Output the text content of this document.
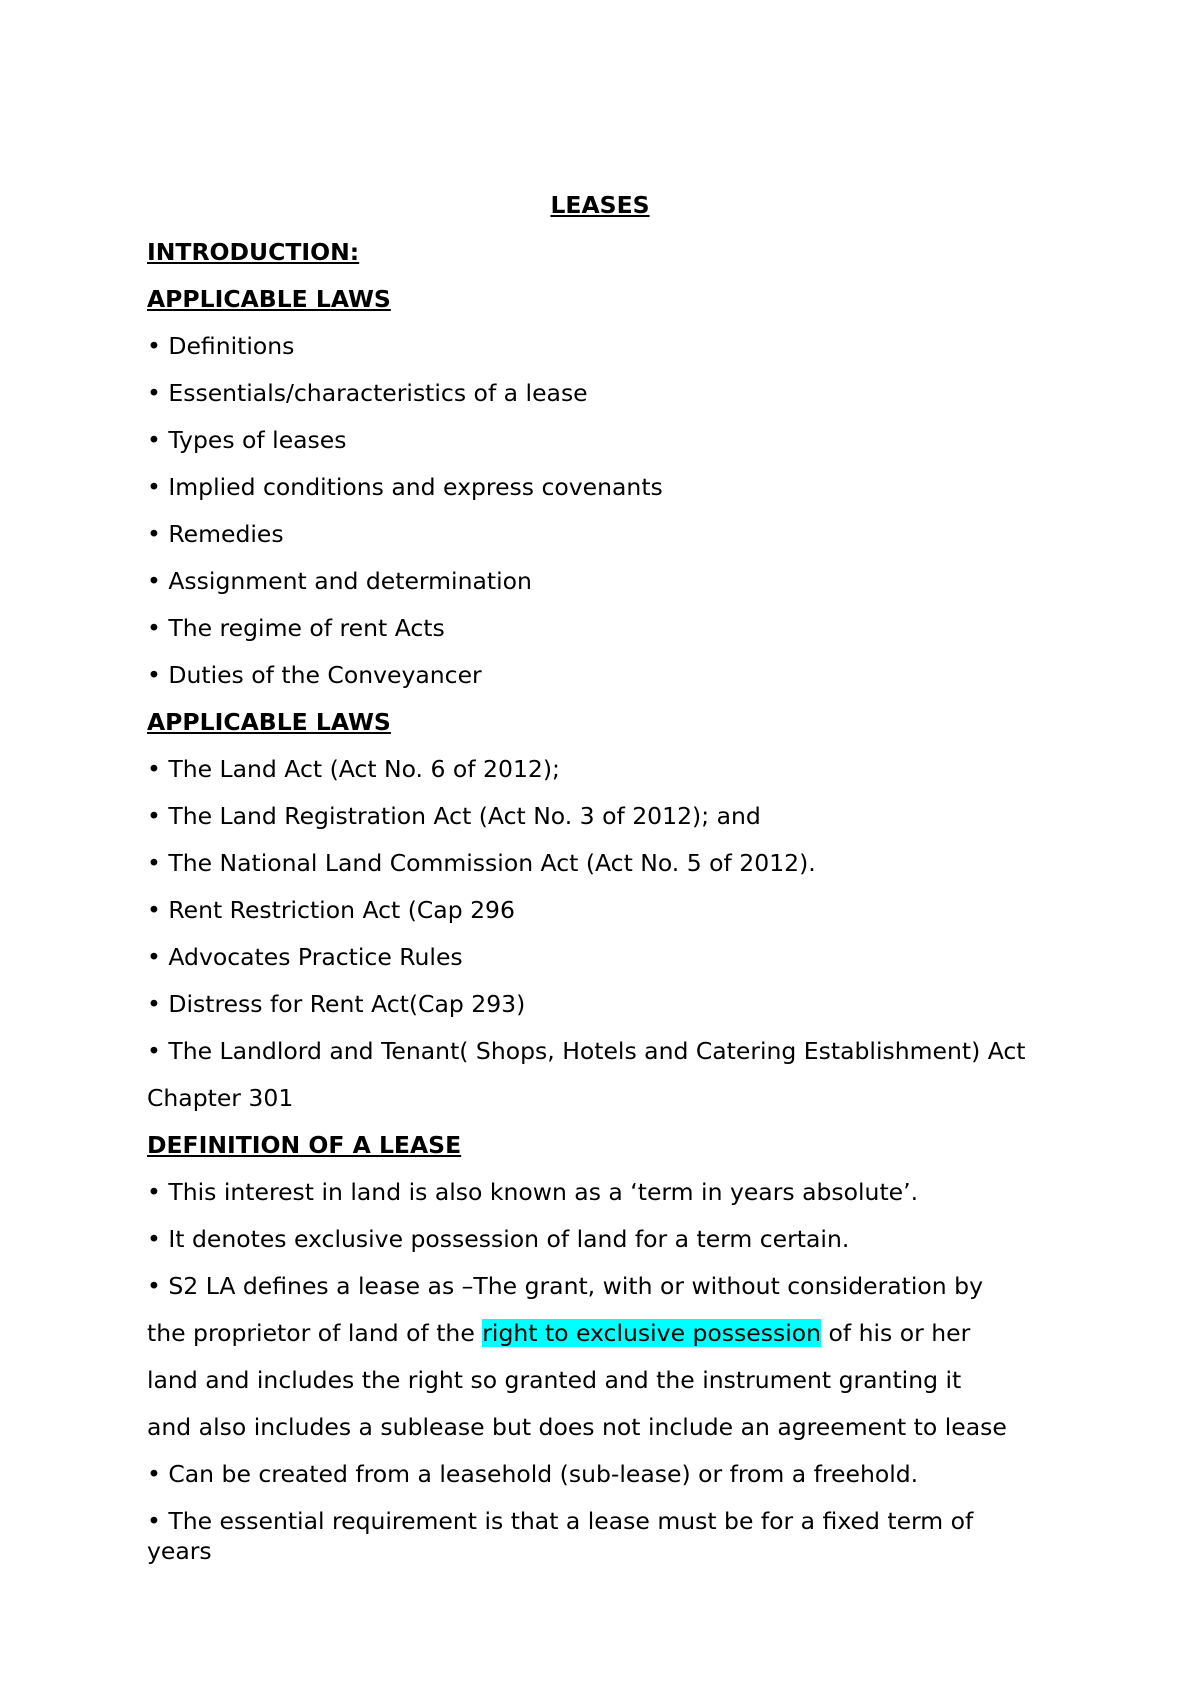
LEASES
INTRODUCTION:
APPLICABLE LAWS
• Definitions
• Essentials/characteristics of a lease
• Types of leases
• Implied conditions and express covenants
• Remedies
• Assignment and determination
• The regime of rent Acts
• Duties of the Conveyancer
APPLICABLE LAWS
• The Land Act (Act No. 6 of 2012);
• The Land Registration Act (Act No. 3 of 2012); and
• The National Land Commission Act (Act No. 5 of 2012).
• Rent Restriction Act (Cap 296
• Advocates Practice Rules
• Distress for Rent Act(Cap 293)
• The Landlord and Tenant( Shops, Hotels and Catering Establishment) Act
Chapter 301
DEFINITION OF A LEASE
• This interest in land is also known as a ‘term in years absolute’.
• It denotes exclusive possession of land for a term certain.
• S2 LA defines a lease as –The grant, with or without consideration by
the proprietor of land of the right to exclusive possession of his or her
land and includes the right so granted and the instrument granting it
and also includes a sublease but does not include an agreement to lease
• Can be created from a leasehold (sub-lease) or from a freehold.
• The essential requirement is that a lease must be for a fixed term of
years
